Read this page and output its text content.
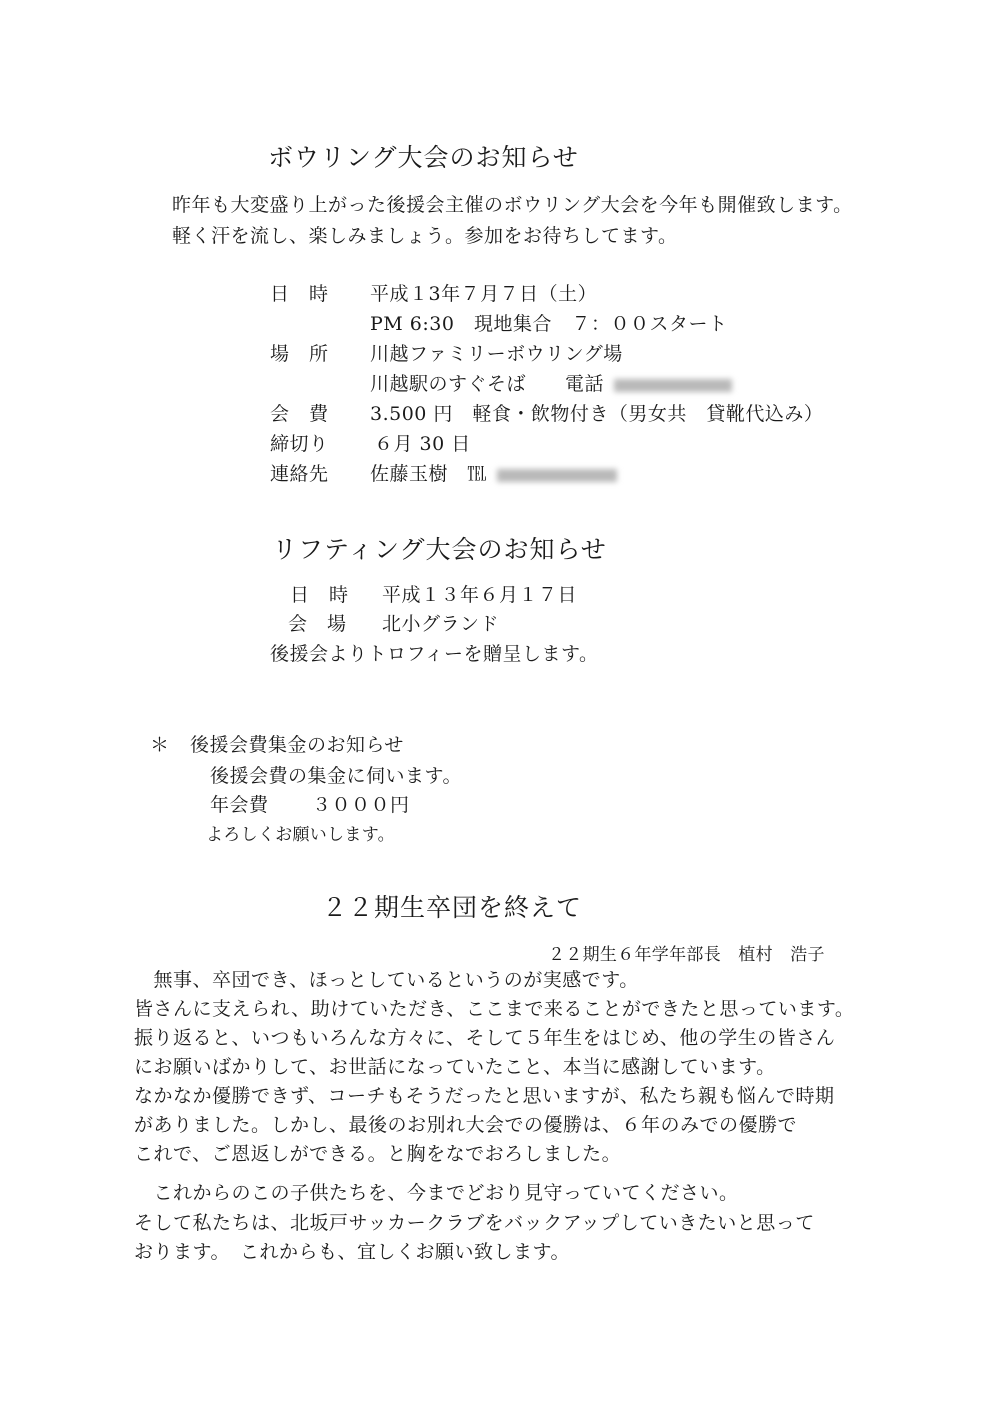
ボウリング大会のお知らせ
昨年も大変盛り上がった後援会主催のボウリング大会を今年も開催致します。
軽く汗を流し、楽しみましょう。参加をお待ちしてます。
日　時 平成１3年７月７日（土）
PM 6:30　現地集合　７：００スタート
場　所 川越ファミリーボウリング場
川越駅のすぐそば　　電話
会　費 3.500 円　軽食・飲物付き（男女共　貸靴代込み）
締切り ６月 30 日
連絡先 佐藤玉樹　℡
リフティング大会のお知らせ
日　時 平成１３年６月１７日
会　場 北小グランド
後援会よりトロフィーを贈呈します。
＊ 後援会費集金のお知らせ
後援会費の集金に伺います。
年会費 ３０００円
よろしくお願いします。
２２期生卒団を終えて
２２期生６年学年部長　植村　浩子
　無事、卒団でき、ほっとしているというのが実感です。
皆さんに支えられ、助けていただき、ここまで来ることができたと思っています。
振り返ると、いつもいろんな方々に、そして５年生をはじめ、他の学生の皆さん
にお願いばかりして、お世話になっていたこと、本当に感謝しています。
なかなか優勝できず、コーチもそうだったと思いますが、私たち親も悩んで時期
がありました。しかし、最後のお別れ大会での優勝は、６年のみでの優勝で
これで、ご恩返しができる。と胸をなでおろしました。
　これからのこの子供たちを、今までどおり見守っていてください。
そして私たちは、北坂戸サッカークラブをバックアップしていきたいと思って
おります。　これからも、宜しくお願い致します。
